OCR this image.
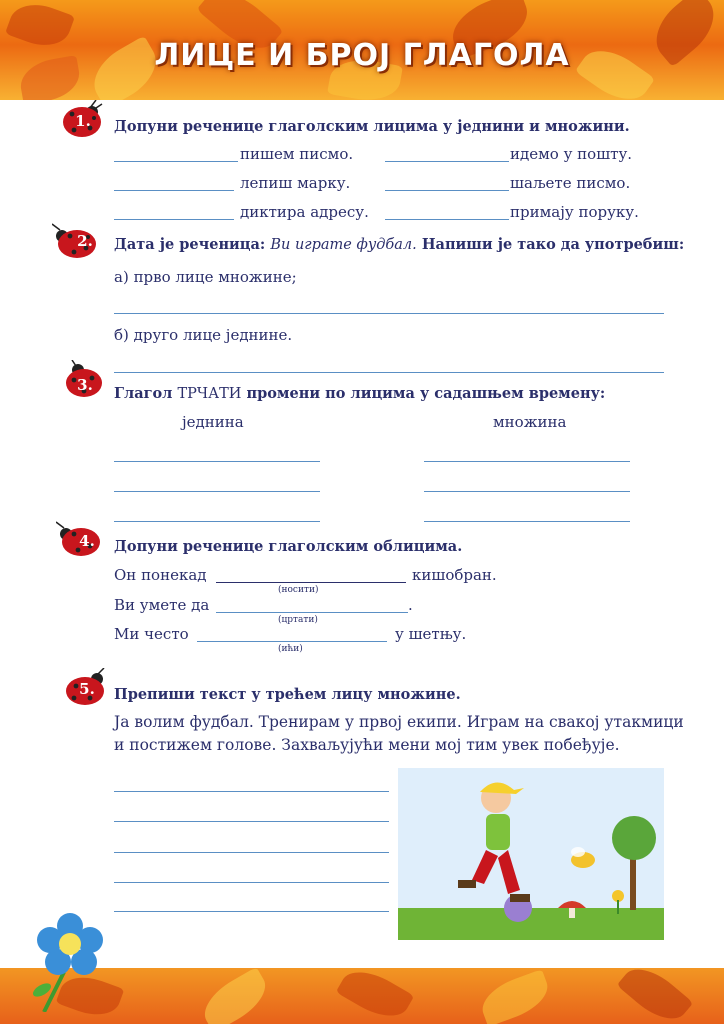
ЛИЦЕ И БРОЈ ГЛАГОЛА
1.	Допуни реченице глаголским лицима у једнини и множини.
пишем писмо.	идемо у пошту.
лепиш марку.	шаљете писмо.
диктира адресу.	примају поруку.
2.	Дата је реченица: Ви играте фудбал. Напиши је тако да употребиш:
а) прво лице множине;
б) друго лице једнине.
3.	Глагол ТРЧАТИ промени по лицима у садашњем времену:
једнина	множина
4.	Допуни реченице глаголским облицима.
Он понекад	кишобран.
(носити)
Ви умете да	.
(цртати)
Ми често	у шетњу.
(ићи)
5.	Препиши текст у трећем лицу множине.
Ја волим фудбал. Тренирам у првој екипи. Играм на свакој утакмици
и постижем голове. Захваљујући мени мој тим увек побеђује.
